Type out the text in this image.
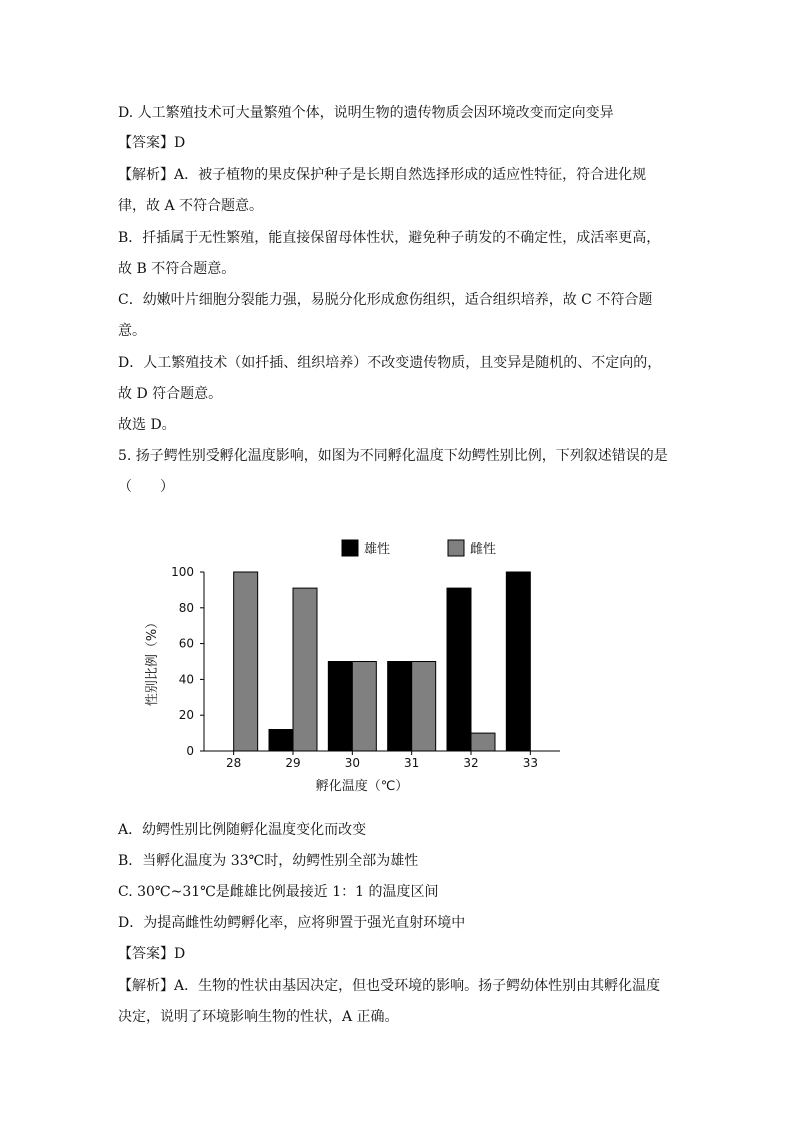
D. 人工繁殖技术可大量繁殖个体，说明生物的遗传物质会因环境改变而定向变异
【答案】D
【解析】A．被子植物的果皮保护种子是长期自然选择形成的适应性特征，符合进化规
律，故 A 不符合题意。
B．扦插属于无性繁殖，能直接保留母体性状，避免种子萌发的不确定性，成活率更高，
故 B 不符合题意。
C．幼嫩叶片细胞分裂能力强，易脱分化形成愈伤组织，适合组织培养，故 C 不符合题
意。
D．人工繁殖技术（如扦插、组织培养）不改变遗传物质，且变异是随机的、不定向的，
故 D 符合题意。
故选 D。
5. 扬子鳄性别受孵化温度影响，如图为不同孵化温度下幼鳄性别比例，下列叙述错误的是
（　　）
0
20
40
60
80
100
28	29	30	31	32	33
孵化温度（℃）
性别比例（%）
雄性	雌性
A．幼鳄性别比例随孵化温度变化而改变
B．当孵化温度为 33℃时，幼鳄性别全部为雄性
C. 30℃~31℃是雌雄比例最接近 1：1 的温度区间
D．为提高雌性幼鳄孵化率，应将卵置于强光直射环境中
【答案】D
【解析】A．生物的性状由基因决定，但也受环境的影响。扬子鳄幼体性别由其孵化温度
决定，说明了环境影响生物的性状，A 正确。
